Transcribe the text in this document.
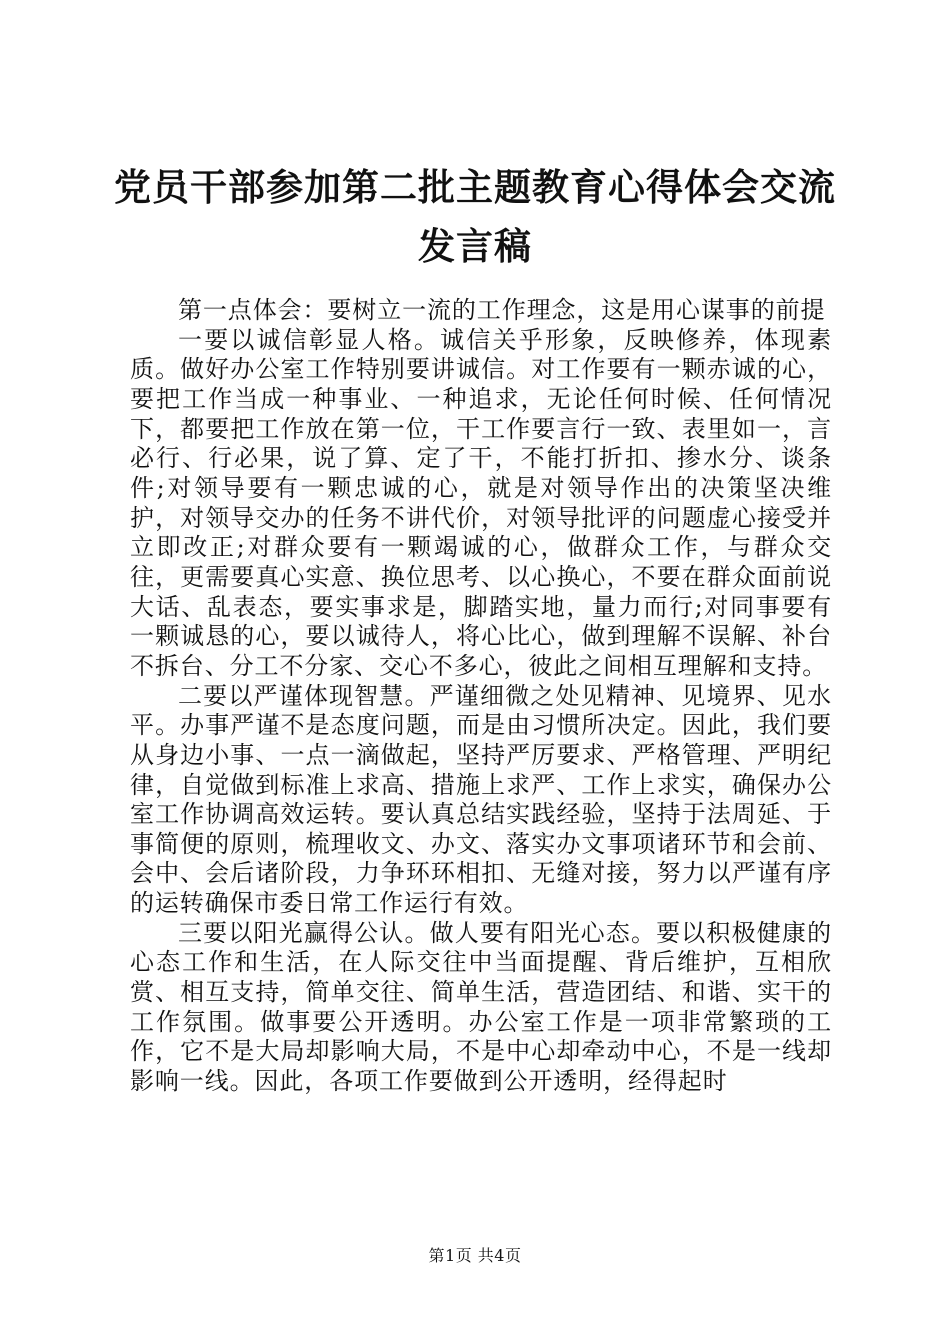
党员干部参加第二批主题教育心得体会交流发言稿

第一点体会：要树立一流的工作理念，这是用心谋事的前提

一要以诚信彰显人格。诚信关乎形象，反映修养，体现素质。做好办公室工作特别要讲诚信。对工作要有一颗赤诚的心，要把工作当成一种事业、一种追求，无论任何时候、任何情况下，都要把工作放在第一位，干工作要言行一致、表里如一，言必行、行必果，说了算、定了干，不能打折扣、掺水分、谈条件;对领导要有一颗忠诚的心，就是对领导作出的决策坚决维护，对领导交办的任务不讲代价，对领导批评的问题虚心接受并立即改正;对群众要有一颗竭诚的心，做群众工作，与群众交往，更需要真心实意、换位思考、以心换心，不要在群众面前说大话、乱表态，要实事求是，脚踏实地，量力而行;对同事要有一颗诚恳的心，要以诚待人，将心比心，做到理解不误解、补台不拆台、分工不分家、交心不多心，彼此之间相互理解和支持。

二要以严谨体现智慧。严谨细微之处见精神、见境界、见水平。办事严谨不是态度问题，而是由习惯所决定。因此，我们要从身边小事、一点一滴做起，坚持严厉要求、严格管理、严明纪律，自觉做到标准上求高、措施上求严、工作上求实，确保办公室工作协调高效运转。要认真总结实践经验，坚持于法周延、于事简便的原则，梳理收文、办文、落实办文事项诸环节和会前、会中、会后诸阶段，力争环环相扣、无缝对接，努力以严谨有序的运转确保市委日常工作运行有效。

三要以阳光赢得公认。做人要有阳光心态。要以积极健康的心态工作和生活，在人际交往中当面提醒、背后维护，互相欣赏、相互支持，简单交往、简单生活，营造团结、和谐、实干的工作氛围。做事要公开透明。办公室工作是一项非常繁琐的工作，它不是大局却影响大局，不是中心却牵动中心，不是一线却影响一线。因此，各项工作要做到公开透明，经得起时

第1页 共4页
